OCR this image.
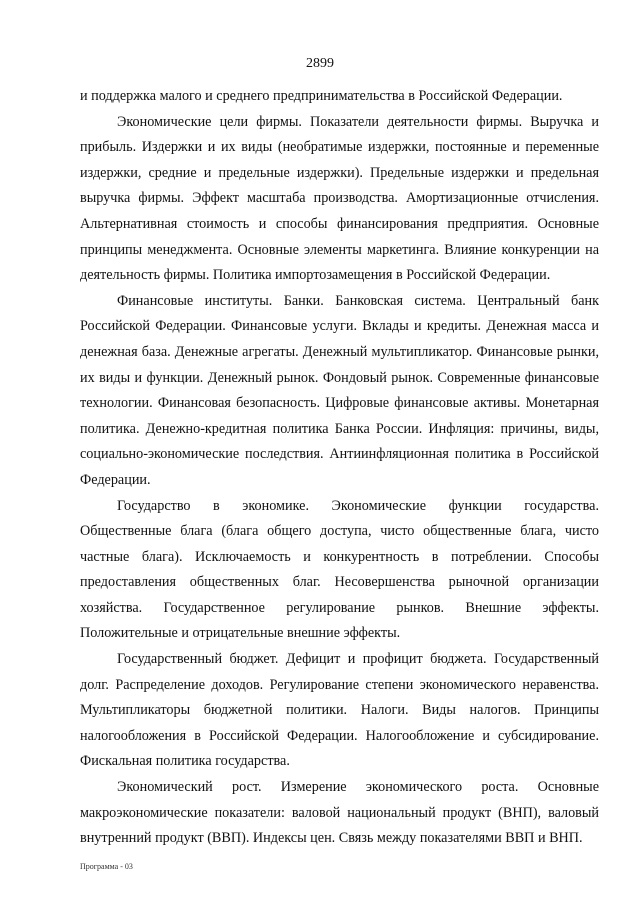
2899

и поддержка малого и среднего предпринимательства в Российской Федерации.

Экономические цели фирмы. Показатели деятельности фирмы. Выручка и прибыль. Издержки и их виды (необратимые издержки, постоянные и переменные издержки, средние и предельные издержки). Предельные издержки и предельная выручка фирмы. Эффект масштаба производства. Амортизационные отчисления. Альтернативная стоимость и способы финансирования предприятия. Основные принципы менеджмента. Основные элементы маркетинга. Влияние конкуренции на деятельность фирмы. Политика импортозамещения в Российской Федерации.

Финансовые институты. Банки. Банковская система. Центральный банк Российской Федерации. Финансовые услуги. Вклады и кредиты. Денежная масса и денежная база. Денежные агрегаты. Денежный мультипликатор. Финансовые рынки, их виды и функции. Денежный рынок. Фондовый рынок. Современные финансовые технологии. Финансовая безопасность. Цифровые финансовые активы. Монетарная политика. Денежно-кредитная политика Банка России. Инфляция: причины, виды, социально-экономические последствия. Антиинфляционная политика в Российской Федерации.

Государство в экономике. Экономические функции государства. Общественные блага (блага общего доступа, чисто общественные блага, чисто частные блага). Исключаемость и конкурентность в потреблении. Способы предоставления общественных благ. Несовершенства рыночной организации хозяйства. Государственное регулирование рынков. Внешние эффекты. Положительные и отрицательные внешние эффекты.

Государственный бюджет. Дефицит и профицит бюджета. Государственный долг. Распределение доходов. Регулирование степени экономического неравенства. Мультипликаторы бюджетной политики. Налоги. Виды налогов. Принципы налогообложения в Российской Федерации. Налогообложение и субсидирование. Фискальная политика государства.

Экономический рост. Измерение экономического роста. Основные макроэкономические показатели: валовой национальный продукт (ВНП), валовый внутренний продукт (ВВП). Индексы цен. Связь между показателями ВВП и ВНП.

Программа - 03
